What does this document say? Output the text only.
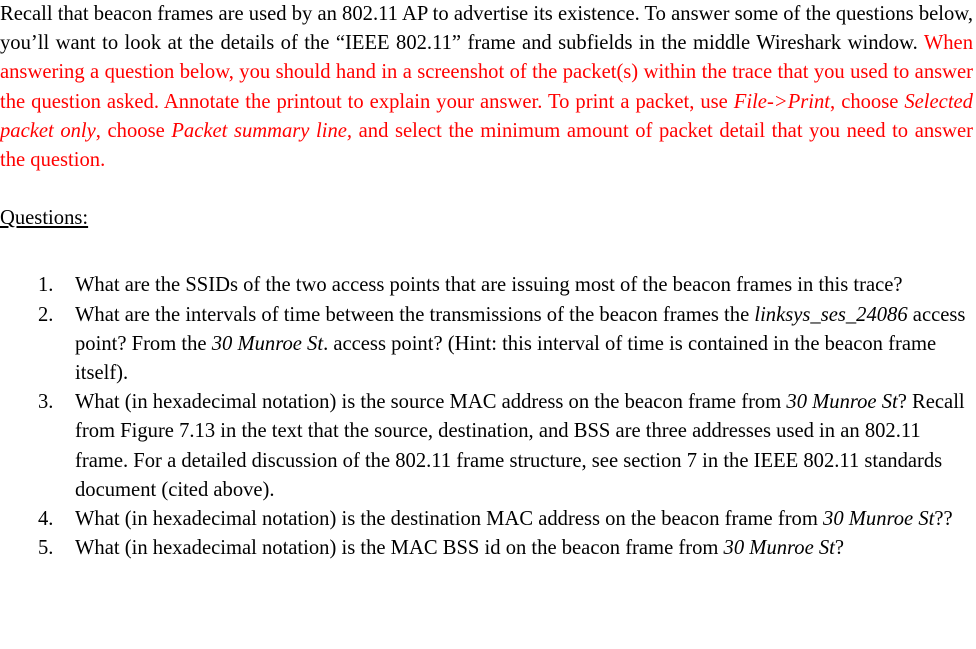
Recall that beacon frames are used by an 802.11 AP to advertise its existence. To answer some of the questions below, you’ll want to look at the details of the “IEEE 802.11” frame and subfields in the middle Wireshark window. When answering a question below, you should hand in a screenshot of the packet(s) within the trace that you used to answer the question asked. Annotate the printout to explain your answer. To print a packet, use File->Print, choose Selected packet only, choose Packet summary line, and select the minimum amount of packet detail that you need to answer the question.

Questions:

1. What are the SSIDs of the two access points that are issuing most of the beacon frames in this trace?
2. What are the intervals of time between the transmissions of the beacon frames the linksys_ses_24086 access point? From the 30 Munroe St. access point? (Hint: this interval of time is contained in the beacon frame itself).
3. What (in hexadecimal notation) is the source MAC address on the beacon frame from 30 Munroe St? Recall from Figure 7.13 in the text that the source, destination, and BSS are three addresses used in an 802.11 frame. For a detailed discussion of the 802.11 frame structure, see section 7 in the IEEE 802.11 standards document (cited above).
4. What (in hexadecimal notation) is the destination MAC address on the beacon frame from 30 Munroe St??
5. What (in hexadecimal notation) is the MAC BSS id on the beacon frame from 30 Munroe St?
